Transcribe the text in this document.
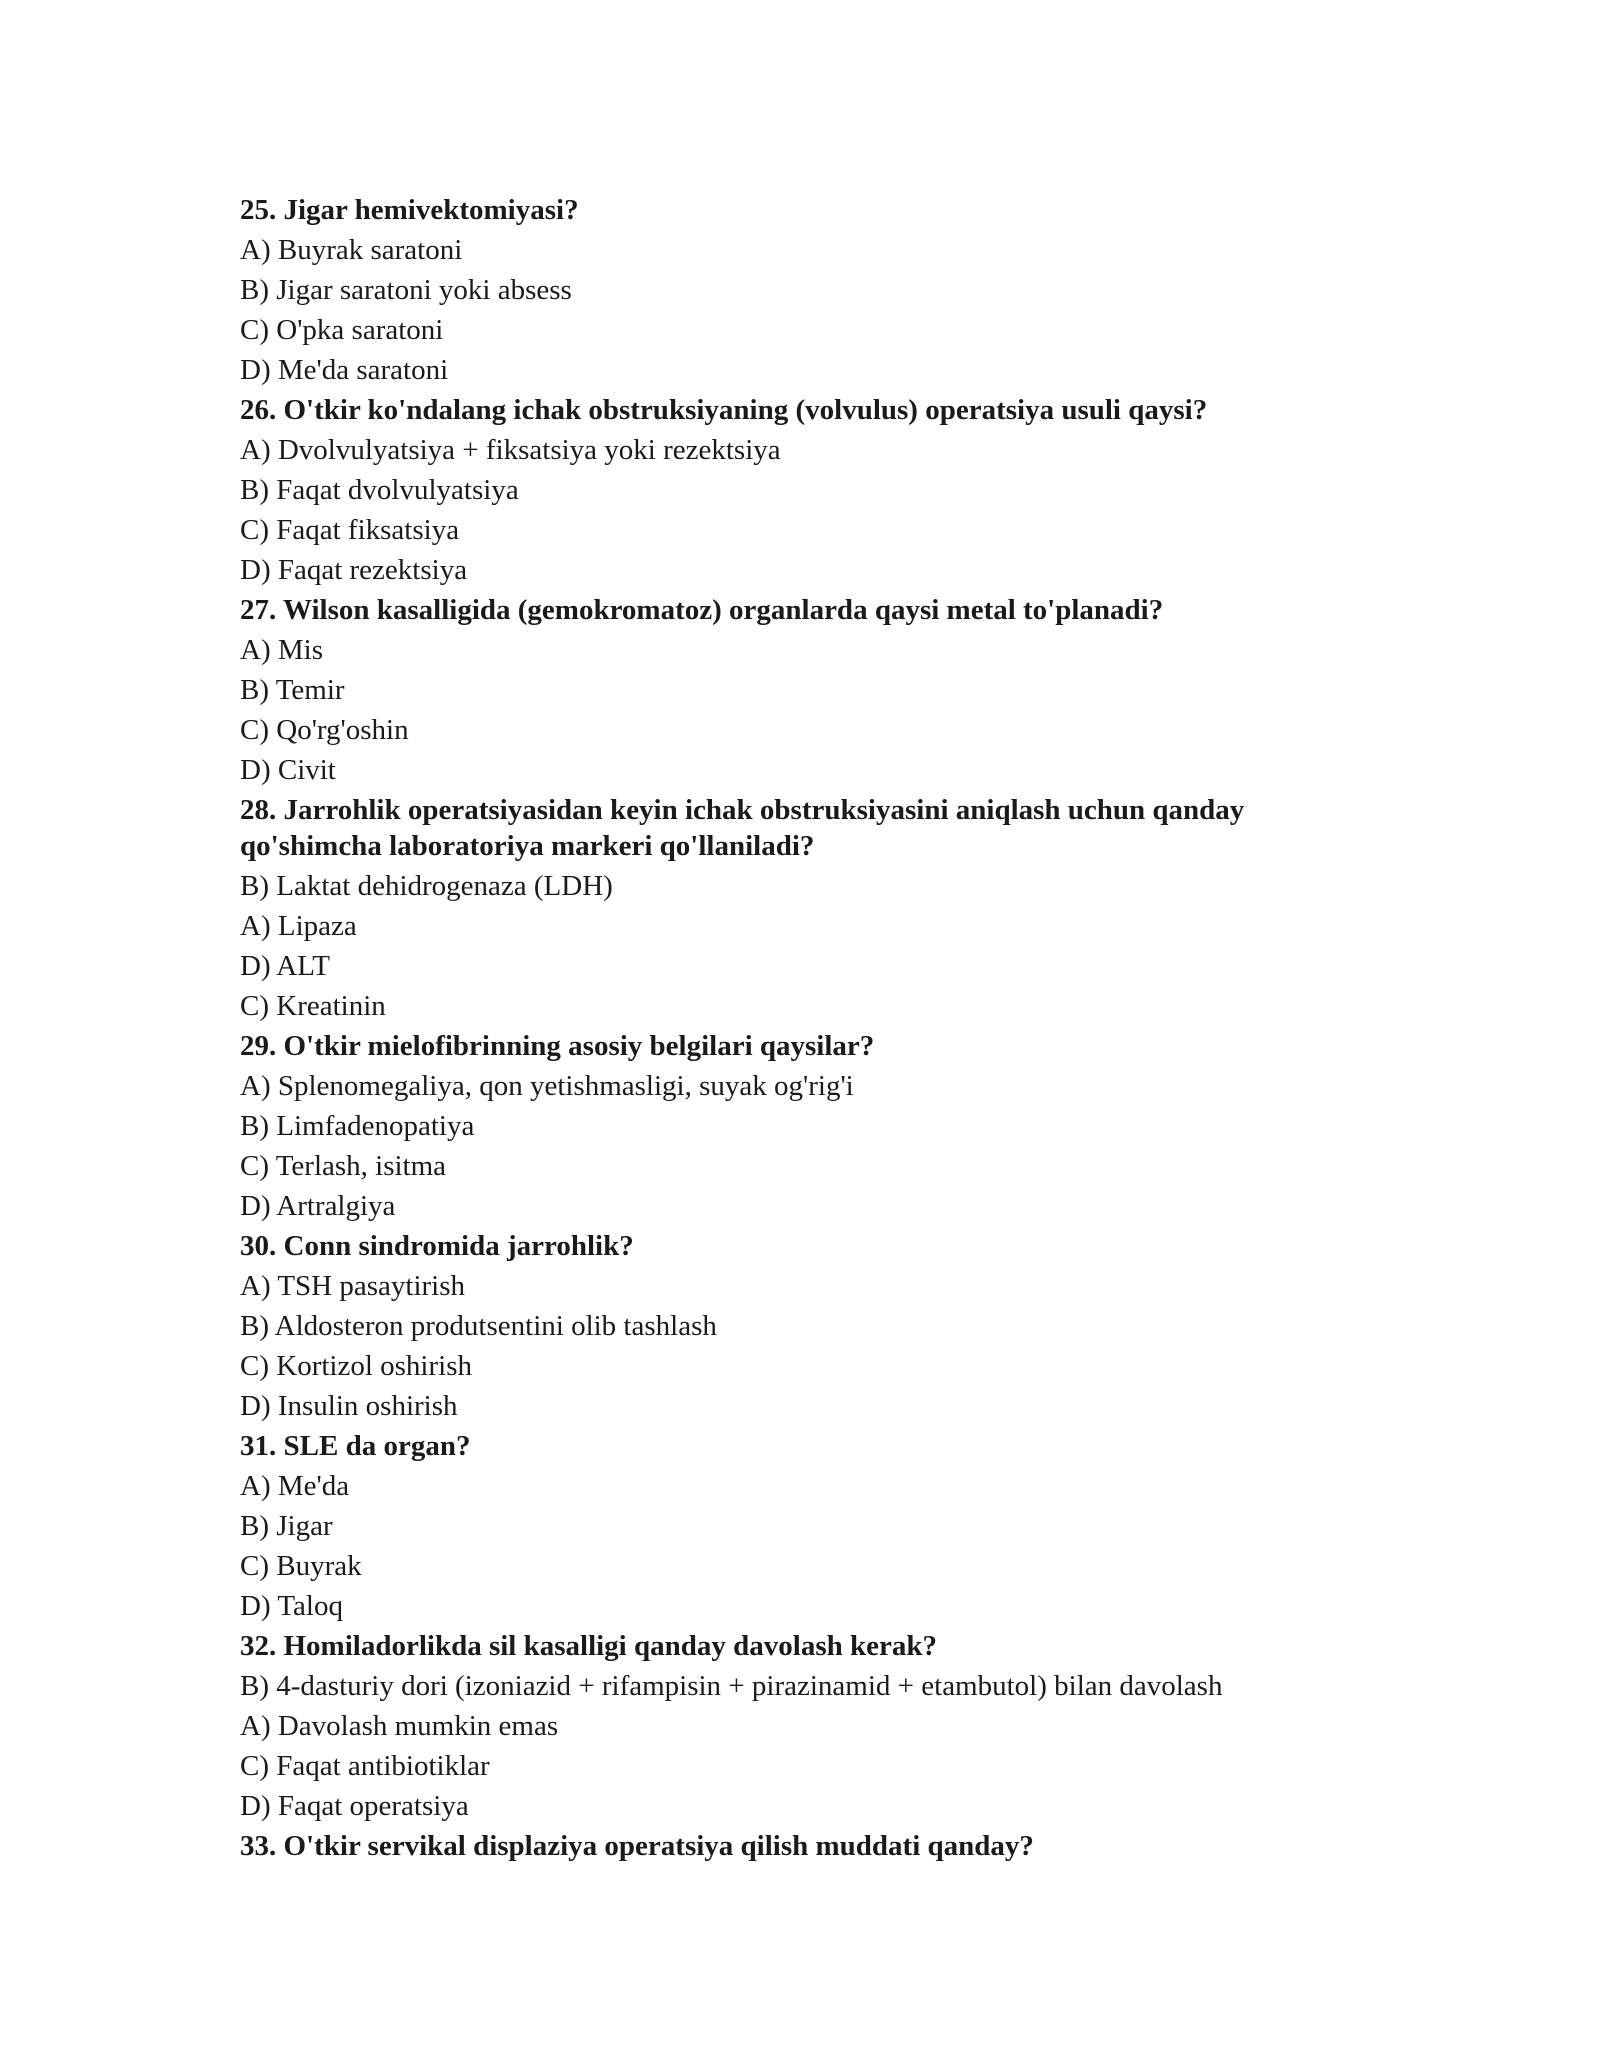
25. Jigar hemivektomiyasi?

A) Buyrak saratoni

B) Jigar saratoni yoki absess

C) O'pka saratoni

D) Me'da saratoni

26. O'tkir ko'ndalang ichak obstruksiyaning (volvulus) operatsiya usuli qaysi?

A) Dvolvulyatsiya + fiksatsiya yoki rezektsiya

B) Faqat dvolvulyatsiya

C) Faqat fiksatsiya

D) Faqat rezektsiya

27. Wilson kasalligida (gemokromatoz) organlarda qaysi metal to'planadi?

A) Mis

B) Temir

C) Qo'rg'oshin

D) Civit

28. Jarrohlik operatsiyasidan keyin ichak obstruksiyasini aniqlash uchun qanday qo'shimcha laboratoriya markeri qo'llaniladi?

B) Laktat dehidrogenaza (LDH)

A) Lipaza

D) ALT

C) Kreatinin

29. O'tkir mielofibrinning asosiy belgilari qaysilar?

A) Splenomegaliya, qon yetishmasligi, suyak og'rig'i

B) Limfadenopatiya

C) Terlash, isitma

D) Artralgiya

30. Conn sindromida jarrohlik?

A) TSH pasaytirish

B) Aldosteron produtsentini olib tashlash

C) Kortizol oshirish

D) Insulin oshirish

31. SLE da organ?

A) Me'da

B) Jigar

C) Buyrak

D) Taloq

32. Homiladorlikda sil kasalligi qanday davolash kerak?

B) 4-dasturiy dori (izoniazid + rifampisin + pirazinamid + etambutol) bilan davolash

A) Davolash mumkin emas

C) Faqat antibiotiklar

D) Faqat operatsiya

33. O'tkir servikal displaziya operatsiya qilish muddati qanday?
